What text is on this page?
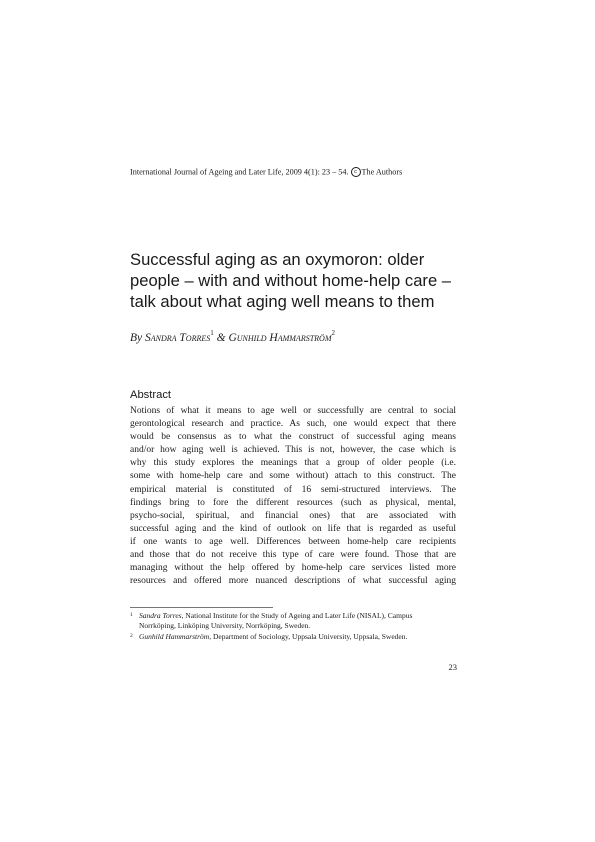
International Journal of Ageing and Later Life, 2009 4(1): 23 – 54. c The Authors
Successful aging as an oxymoron: older
people – with and without home-help care –
talk about what aging well means to them
By Sandra Torres$^1$ & Gunhild Hammarström$^2$
Abstract
Notions of what it means to age well or successfully are central to social
gerontological research and practice. As such, one would expect that there
would be consensus as to what the construct of successful aging means
and/or how aging well is achieved. This is not, however, the case which is
why this study explores the meanings that a group of older people (i.e.
some with home-help care and some without) attach to this construct. The
empirical material is constituted of 16 semi-structured interviews. The
findings bring to fore the different resources (such as physical, mental,
psycho-social, spiritual, and financial ones) that are associated with
successful aging and the kind of outlook on life that is regarded as useful
if one wants to age well. Differences between home-help care recipients
and those that do not receive this type of care were found. Those that are
managing without the help offered by home-help care services listed more
resources and offered more nuanced descriptions of what successful aging
1 Sandra Torres, National Institute for the Study of Ageing and Later Life (NISAL), Campus
Norrköping, Linköping University, Norrköping, Sweden.
2 Gunhild Hammarström, Department of Sociology, Uppsala University, Uppsala, Sweden.
23
